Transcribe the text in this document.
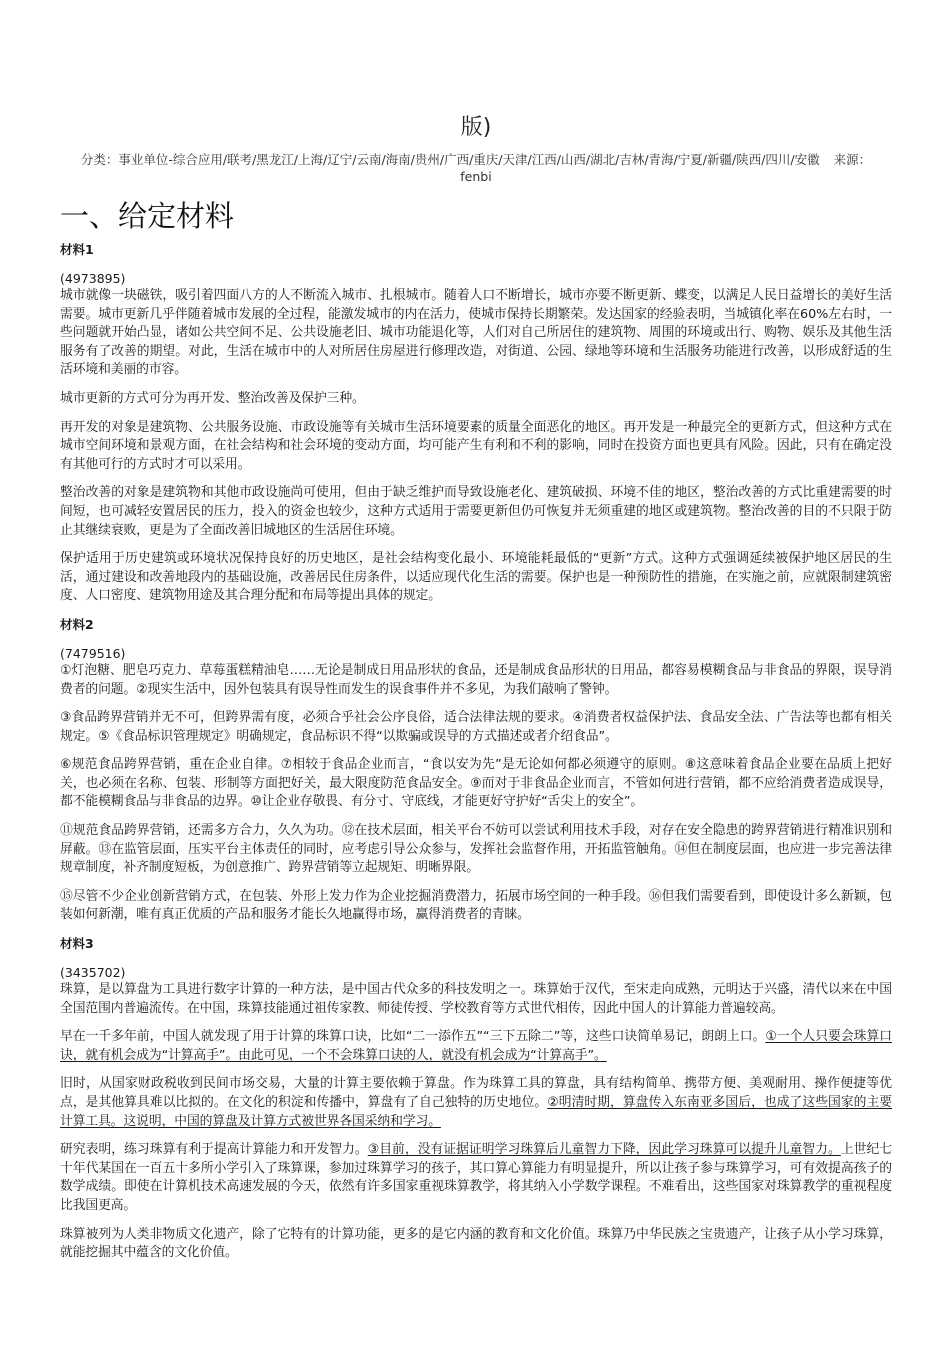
版)
分类：事业单位-综合应用/联考/黑龙江/上海/辽宁/云南/海南/贵州/广西/重庆/天津/江西/山西/湖北/吉林/青海/宁夏/新疆/陕西/四川/安徽 来源：
fenbi
一、给定材料
材料1
(4973895)

城市就像一块磁铁，吸引着四面八方的人不断流入城市、扎根城市。随着人口不断增长，城市亦要不断更新、蝶变，以满足人民日益增长的美好生活需要。城市更新几乎伴随着城市发展的全过程，能激发城市的内在活力，使城市保持长期繁荣。发达国家的经验表明，当城镇化率在60%左右时，一些问题就开始凸显，诸如公共空间不足、公共设施老旧、城市功能退化等，人们对自己所居住的建筑物、周围的环境或出行、购物、娱乐及其他生活服务有了改善的期望。对此，生活在城市中的人对所居住房屋进行修理改造，对街道、公园、绿地等环境和生活服务功能进行改善，以形成舒适的生活环境和美丽的市容。

城市更新的方式可分为再开发、整治改善及保护三种。

再开发的对象是建筑物、公共服务设施、市政设施等有关城市生活环境要素的质量全面恶化的地区。再开发是一种最完全的更新方式，但这种方式在城市空间环境和景观方面，在社会结构和社会环境的变动方面，均可能产生有利和不利的影响，同时在投资方面也更具有风险。因此，只有在确定没有其他可行的方式时才可以采用。

整治改善的对象是建筑物和其他市政设施尚可使用，但由于缺乏维护而导致设施老化、建筑破损、环境不佳的地区，整治改善的方式比重建需要的时间短，也可减轻安置居民的压力，投入的资金也较少，这种方式适用于需要更新但仍可恢复并无须重建的地区或建筑物。整治改善的目的不只限于防止其继续衰败，更是为了全面改善旧城地区的生活居住环境。

保护适用于历史建筑或环境状况保持良好的历史地区，是社会结构变化最小、环境能耗最低的“更新”方式。这种方式强调延续被保护地区居民的生活，通过建设和改善地段内的基础设施，改善居民住房条件，以适应现代化生活的需要。保护也是一种预防性的措施，在实施之前，应就限制建筑密度、人口密度、建筑物用途及其合理分配和布局等提出具体的规定。

材料2
(7479516)

①灯泡糖、肥皂巧克力、草莓蛋糕精油皂……无论是制成日用品形状的食品，还是制成食品形状的日用品，都容易模糊食品与非食品的界限，误导消费者的问题。②现实生活中，因外包装具有误导性而发生的误食事件并不多见，为我们敲响了警钟。

③食品跨界营销并无不可，但跨界需有度，必须合乎社会公序良俗，适合法律法规的要求。④消费者权益保护法、食品安全法、广告法等也都有相关规定。⑤《食品标识管理规定》明确规定，食品标识不得“以欺骗或误导的方式描述或者介绍食品”。

⑥规范食品跨界营销，重在企业自律。⑦相较于食品企业而言，“食以安为先”是无论如何都必须遵守的原则。⑧这意味着食品企业要在品质上把好关，也必须在名称、包装、形制等方面把好关，最大限度防范食品安全。⑨而对于非食品企业而言，不管如何进行营销，都不应给消费者造成误导，都不能模糊食品与非食品的边界。⑩让企业存敬畏、有分寸、守底线，才能更好守护好“舌尖上的安全”。

⑪规范食品跨界营销，还需多方合力，久久为功。⑫在技术层面，相关平台不妨可以尝试利用技术手段，对存在安全隐患的跨界营销进行精准识别和屏蔽。⑬在监管层面，压实平台主体责任的同时，应考虑引导公众参与，发挥社会监督作用，开拓监管触角。⑭但在制度层面，也应进一步完善法律规章制度，补齐制度短板，为创意推广、跨界营销等立起规矩、明晰界限。

⑮尽管不少企业创新营销方式，在包装、外形上发力作为企业挖掘消费潜力，拓展市场空间的一种手段。⑯但我们需要看到，即使设计多么新颖，包装如何新潮，唯有真正优质的产品和服务才能长久地赢得市场，赢得消费者的青睐。

材料3
(3435702)

珠算，是以算盘为工具进行数字计算的一种方法，是中国古代众多的科技发明之一。珠算始于汉代，至宋走向成熟，元明达于兴盛，清代以来在中国全国范围内普遍流传。在中国，珠算技能通过祖传家教、师徒传授、学校教育等方式世代相传，因此中国人的计算能力普遍较高。

早在一千多年前，中国人就发现了用于计算的珠算口诀，比如“二一添作五”“三下五除二”等，这些口诀简单易记，朗朗上口。①一个人只要会珠算口诀，就有机会成为“计算高手”。由此可见，一个不会珠算口诀的人，就没有机会成为“计算高手”。

旧时，从国家财政税收到民间市场交易，大量的计算主要依赖于算盘。作为珠算工具的算盘，具有结构简单、携带方便、美观耐用、操作便捷等优点，是其他算具难以比拟的。在文化的积淀和传播中，算盘有了自己独特的历史地位。②明清时期，算盘传入东南亚多国后，也成了这些国家的主要计算工具。这说明，中国的算盘及计算方式被世界各国采纳和学习。

研究表明，练习珠算有利于提高计算能力和开发智力。③目前，没有证据证明学习珠算后儿童智力下降，因此学习珠算可以提升儿童智力。上世纪七十年代某国在一百五十多所小学引入了珠算课，参加过珠算学习的孩子，其口算心算能力有明显提升，所以让孩子参与珠算学习，可有效提高孩子的数学成绩。即使在计算机技术高速发展的今天，依然有许多国家重视珠算教学，将其纳入小学数学课程。不难看出，这些国家对珠算教学的重视程度比我国更高。

珠算被列为人类非物质文化遗产，除了它特有的计算功能，更多的是它内涵的教育和文化价值。珠算乃中华民族之宝贵遗产，让孩子从小学习珠算，就能挖掘其中蕴含的文化价值。
